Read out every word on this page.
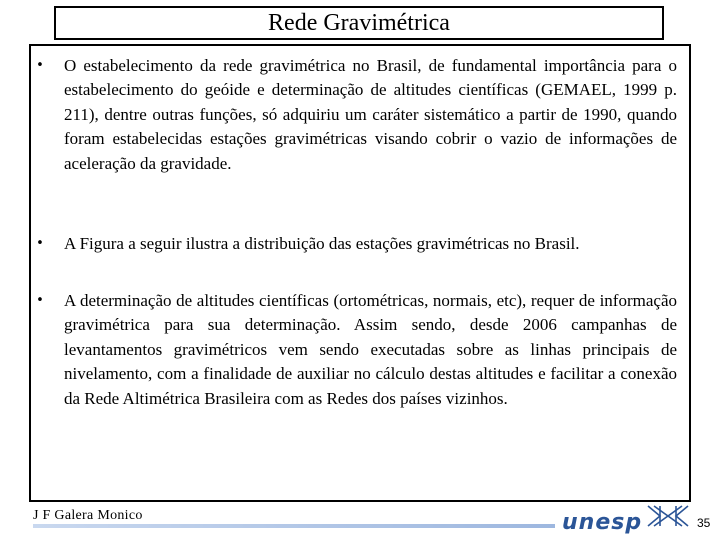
Rede Gravimétrica
• O estabelecimento da rede gravimétrica no Brasil, de fundamental importância para o estabelecimento do geóide e determinação de altitudes científicas (GEMAEL, 1999 p. 211), dentre outras funções, só adquiriu um caráter sistemático a partir de 1990, quando foram estabelecidas estações gravimétricas visando cobrir o vazio de informações de aceleração da gravidade.
• A Figura a seguir ilustra a distribuição das estações gravimétricas no Brasil.
• A determinação de altitudes científicas (ortométricas, normais, etc), requer de informação gravimétrica para sua determinação. Assim sendo, desde 2006 campanhas de levantamentos gravimétricos vem sendo executadas sobre as linhas principais de nivelamento, com a finalidade de auxiliar no cálculo destas altitudes e facilitar a conexão da Rede Altimétrica Brasileira com as Redes dos países vizinhos.
J F Galera Monico	unesp	35
